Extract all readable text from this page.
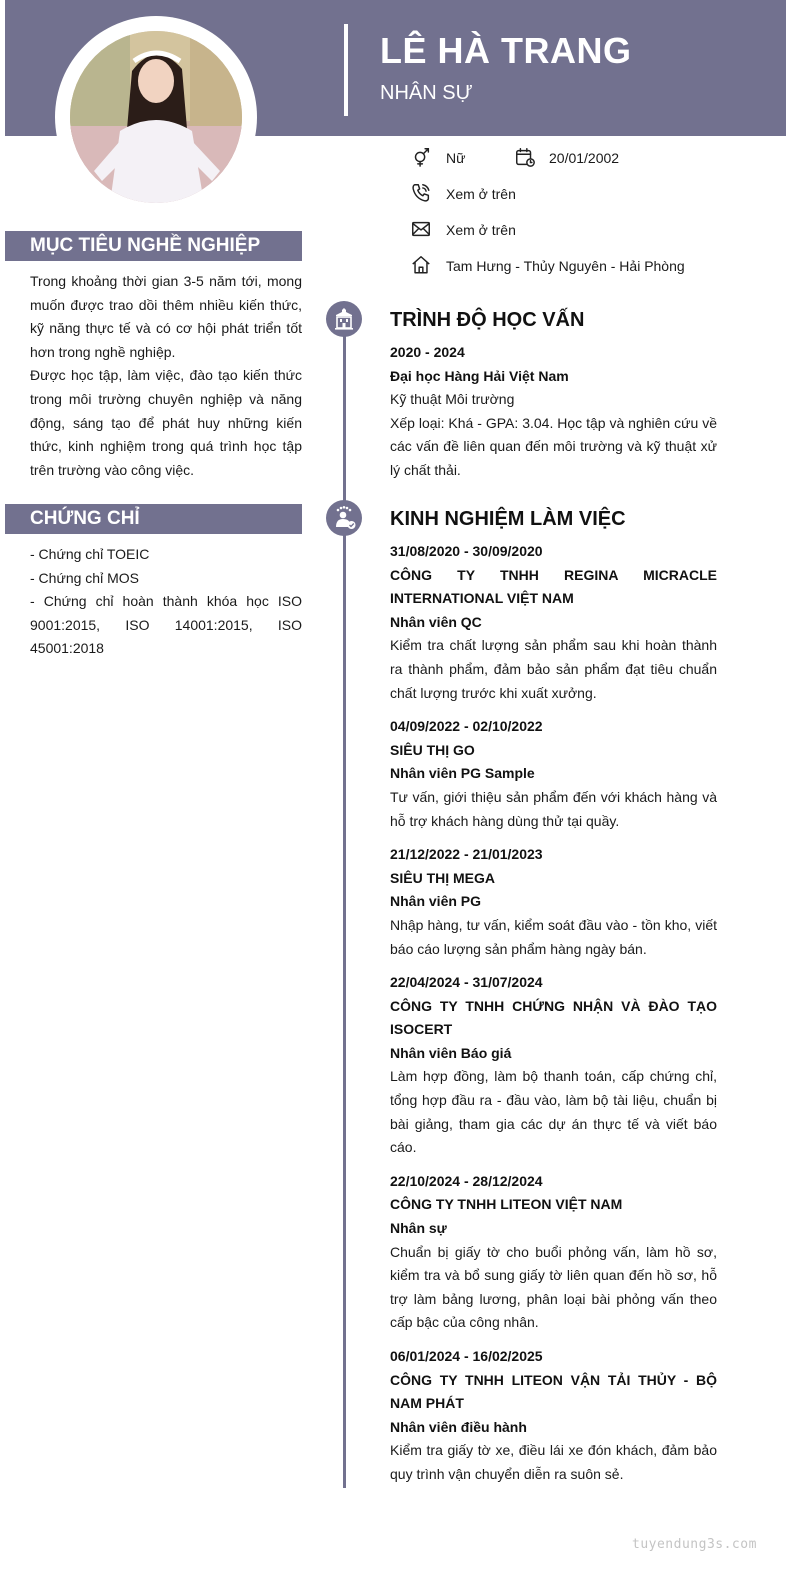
LÊ HÀ TRANG
NHÂN SỰ
Nữ	20/01/2002
Xem ở trên
Xem ở trên
Tam Hưng - Thủy Nguyên - Hải Phòng
MỤC TIÊU NGHỀ NGHIỆP

Trong khoảng thời gian 3-5 năm tới, mong muốn được trao dồi thêm nhiều kiến thức, kỹ năng thực tế và có cơ hội phát triển tốt hơn trong nghề nghiệp.

Được học tập, làm việc, đào tạo kiến thức trong môi trường chuyên nghiệp và năng động, sáng tạo để phát huy những kiến thức, kinh nghiệm trong quá trình học tập trên trường vào công việc.

CHỨNG CHỈ
- Chứng chỉ TOEIC
- Chứng chỉ MOS
- Chứng chỉ hoàn thành khóa học ISO 9001:2015, ISO 14001:2015, ISO 45001:2018
TRÌNH ĐỘ HỌC VẤN
2020 - 2024
Đại học Hàng Hải Việt Nam
Kỹ thuật Môi trường
Xếp loại: Khá - GPA: 3.04. Học tập và nghiên cứu về các vấn đề liên quan đến môi trường và kỹ thuật xử lý chất thải.
KINH NGHIỆM LÀM VIỆC
31/08/2020 - 30/09/2020
CÔNG TY TNHH REGINA MICRACLE INTERNATIONAL VIỆT NAM
Nhân viên QC
Kiểm tra chất lượng sản phẩm sau khi hoàn thành ra thành phẩm, đảm bảo sản phẩm đạt tiêu chuẩn chất lượng trước khi xuất xưởng.
04/09/2022 - 02/10/2022
SIÊU THỊ GO
Nhân viên PG Sample
Tư vấn, giới thiệu sản phẩm đến với khách hàng và hỗ trợ khách hàng dùng thử tại quầy.
21/12/2022 - 21/01/2023
SIÊU THỊ MEGA
Nhân viên PG
Nhập hàng, tư vấn, kiểm soát đầu vào - tồn kho, viết báo cáo lượng sản phẩm hàng ngày bán.
22/04/2024 - 31/07/2024
CÔNG TY TNHH CHỨNG NHẬN VÀ ĐÀO TẠO ISOCERT
Nhân viên Báo giá
Làm hợp đồng, làm bộ thanh toán, cấp chứng chỉ, tổng hợp đầu ra - đầu vào, làm bộ tài liệu, chuẩn bị bài giảng, tham gia các dự án thực tế và viết báo cáo.
22/10/2024 - 28/12/2024
CÔNG TY TNHH LITEON VIỆT NAM
Nhân sự
Chuẩn bị giấy tờ cho buổi phỏng vấn, làm hồ sơ, kiểm tra và bổ sung giấy tờ liên quan đến hồ sơ, hỗ trợ làm bảng lương, phân loại bài phỏng vấn theo cấp bậc của công nhân.
06/01/2024 - 16/02/2025
CÔNG TY TNHH LITEON VẬN TẢI THỦY - BỘ NAM PHÁT
Nhân viên điều hành
Kiểm tra giấy tờ xe, điều lái xe đón khách, đảm bảo quy trình vận chuyển diễn ra suôn sẻ.
tuyendung3s.com
